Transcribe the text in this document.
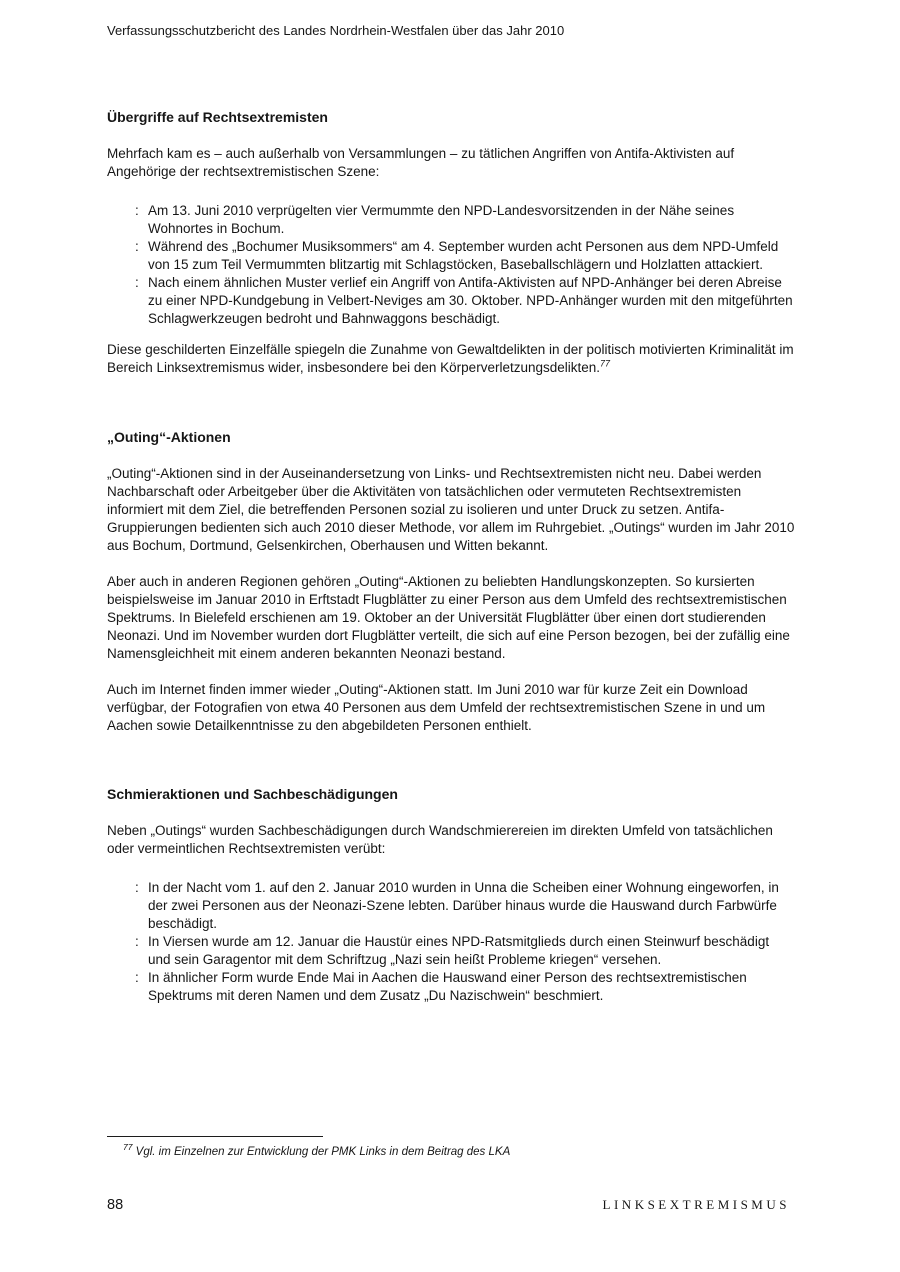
Verfassungsschutzbericht des Landes Nordrhein-Westfalen über das Jahr 2010
Übergriffe auf Rechtsextremisten

Mehrfach kam es – auch außerhalb von Versammlungen – zu tätlichen Angriffen von Antifa-Aktivisten auf Angehörige der rechtsextremistischen Szene:

: Am 13. Juni 2010 verprügelten vier Vermummte den NPD-Landesvorsitzenden in der Nähe seines Wohnortes in Bochum.
: Während des „Bochumer Musiksommers“ am 4. September wurden acht Personen aus dem NPD-Umfeld von 15 zum Teil Vermummten blitzartig mit Schlagstöcken, Baseballschlägern und Holzlatten attackiert.
: Nach einem ähnlichen Muster verlief ein Angriff von Antifa-Aktivisten auf NPD-Anhänger bei deren Abreise zu einer NPD-Kundgebung in Velbert-Neviges am 30. Oktober. NPD-Anhänger wurden mit den mitgeführten Schlagwerkzeugen bedroht und Bahnwaggons beschädigt.

Diese geschilderten Einzelfälle spiegeln die Zunahme von Gewaltdelikten in der politisch motivierten Kriminalität im Bereich Linksextremismus wider, insbesondere bei den Körperverletzungsdelikten.$^{77}$

„Outing“-Aktionen

„Outing“-Aktionen sind in der Auseinandersetzung von Links- und Rechtsextremisten nicht neu. Dabei werden Nachbarschaft oder Arbeitgeber über die Aktivitäten von tatsächlichen oder vermuteten Rechtsextremisten informiert mit dem Ziel, die betreffenden Personen sozial zu isolieren und unter Druck zu setzen. Antifa-Gruppierungen bedienten sich auch 2010 dieser Methode, vor allem im Ruhrgebiet. „Outings“ wurden im Jahr 2010 aus Bochum, Dortmund, Gelsenkirchen, Oberhausen und Witten bekannt.

Aber auch in anderen Regionen gehören „Outing“-Aktionen zu beliebten Handlungskonzepten. So kursierten beispielsweise im Januar 2010 in Erftstadt Flugblätter zu einer Person aus dem Umfeld des rechtsextremistischen Spektrums. In Bielefeld erschienen am 19. Oktober an der Universität Flugblätter über einen dort studierenden Neonazi. Und im November wurden dort Flugblätter verteilt, die sich auf eine Person bezogen, bei der zufällig eine Namensgleichheit mit einem anderen bekannten Neonazi bestand.

Auch im Internet finden immer wieder „Outing“-Aktionen statt. Im Juni 2010 war für kurze Zeit ein Download verfügbar, der Fotografien von etwa 40 Personen aus dem Umfeld der rechtsextremistischen Szene in und um Aachen sowie Detailkenntnisse zu den abgebildeten Personen enthielt.

Schmieraktionen und Sachbeschädigungen

Neben „Outings“ wurden Sachbeschädigungen durch Wandschmierereien im direkten Umfeld von tatsächlichen oder vermeintlichen Rechtsextremisten verübt:

: In der Nacht vom 1. auf den 2. Januar 2010 wurden in Unna die Scheiben einer Wohnung eingeworfen, in der zwei Personen aus der Neonazi-Szene lebten. Darüber hinaus wurde die Hauswand durch Farbwürfe beschädigt.
: In Viersen wurde am 12. Januar die Haustür eines NPD-Ratsmitglieds durch einen Steinwurf beschädigt und sein Garagentor mit dem Schriftzug „Nazi sein heißt Probleme kriegen“ versehen.
: In ähnlicher Form wurde Ende Mai in Aachen die Hauswand einer Person des rechtsextremistischen Spektrums mit deren Namen und dem Zusatz „Du Nazischwein“ beschmiert.

$^{77}$ Vgl. im Einzelnen zur Entwicklung der PMK Links in dem Beitrag des LKA

88	LINKSEXTREMISMUS
